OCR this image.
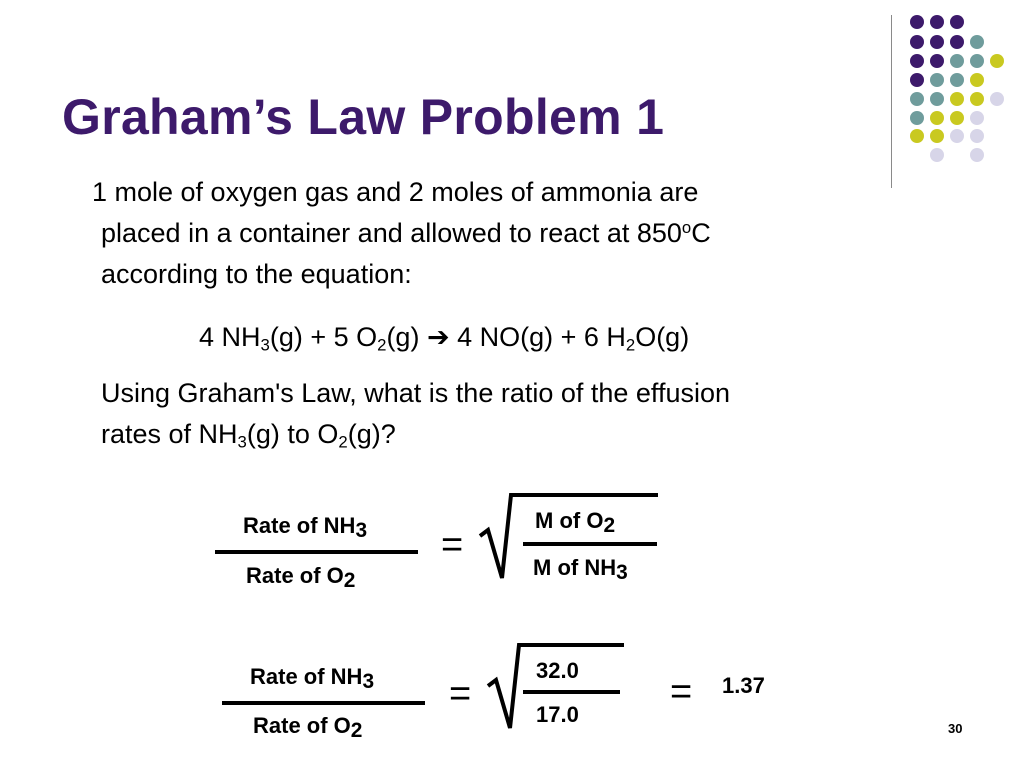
Graham’s Law Problem 1
1 mole of oxygen gas and 2 moles of ammonia are
placed in a container and allowed to react at 850$^o$C
according to the equation:
4 $NH_3(g) + 5$ $O_2(g)$ ➔ 4 NO(g) + 6 $H_2O(g)$
Using Graham's Law, what is the ratio of the effusion
rates of $NH_3(g)$ to $O_2(g)$?
Rate of $NH_3$
Rate of $O_2$
=
M of $O_2$
M of $NH_3$
Rate of $NH_3$
Rate of $O_2$
=
32.0
17.0
= 1.37
30
